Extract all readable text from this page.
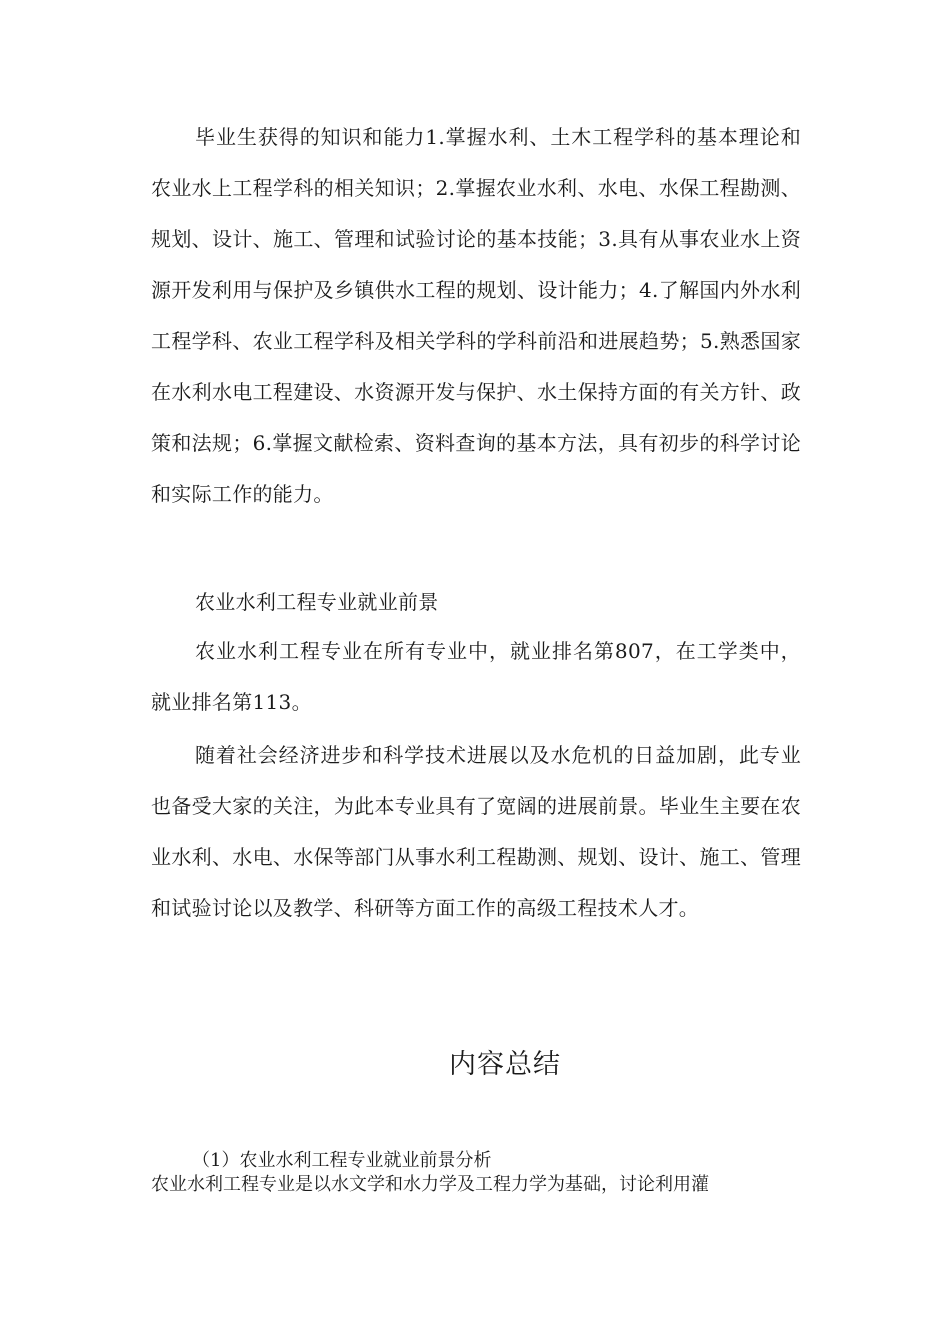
毕业生获得的知识和能力1.掌握水利、土木工程学科的基本理论和农业水上工程学科的相关知识；2.掌握农业水利、水电、水保工程勘测、规划、设计、施工、管理和试验讨论的基本技能；3.具有从事农业水上资源开发利用与保护及乡镇供水工程的规划、设计能力；4.了解国内外水利工程学科、农业工程学科及相关学科的学科前沿和进展趋势；5.熟悉国家在水利水电工程建设、水资源开发与保护、水土保持方面的有关方针、政策和法规；6.掌握文献检索、资料查询的基本方法，具有初步的科学讨论和实际工作的能力。

农业水利工程专业就业前景

农业水利工程专业在所有专业中，就业排名第807，在工学类中，就业排名第113。

随着社会经济进步和科学技术进展以及水危机的日益加剧，此专业也备受大家的关注，为此本专业具有了宽阔的进展前景。毕业生主要在农业水利、水电、水保等部门从事水利工程勘测、规划、设计、施工、管理和试验讨论以及教学、科研等方面工作的高级工程技术人才。

内容总结

（1）农业水利工程专业就业前景分析

农业水利工程专业是以水文学和水力学及工程力学为基础，讨论利用灌
